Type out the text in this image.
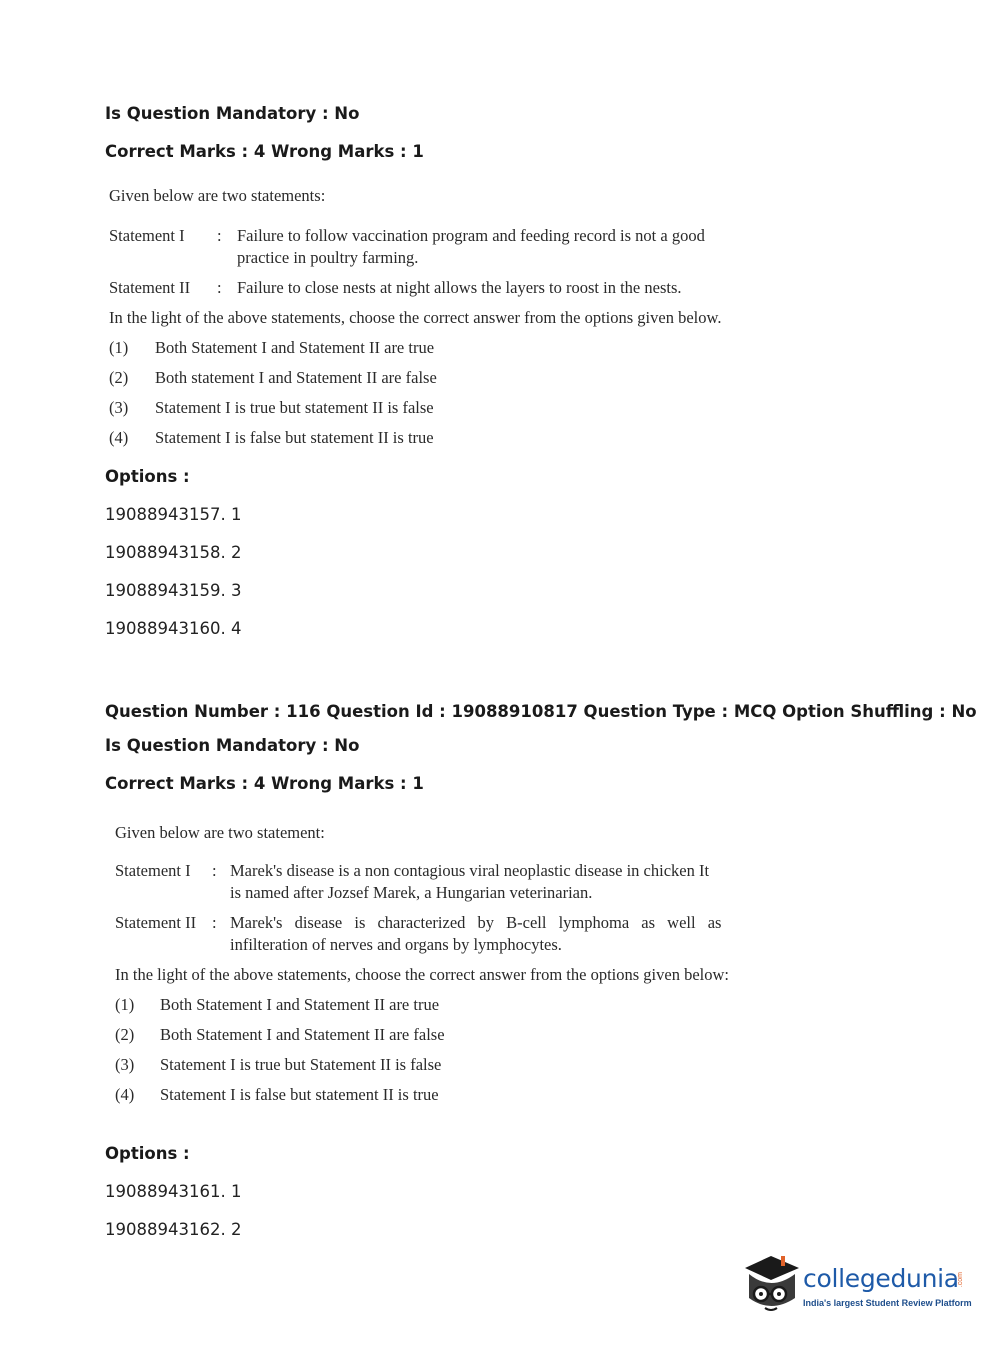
Is Question Mandatory : No
Correct Marks : 4 Wrong Marks : 1
Given below are two statements:
Statement I : Failure to follow vaccination program and feeding record is not a good
practice in poultry farming.
Statement II : Failure to close nests at night allows the layers to roost in the nests.
In the light of the above statements, choose the correct answer from the options given below.
(1) Both Statement I and Statement II are true
(2) Both statement I and Statement II are false
(3) Statement I is true but statement II is false
(4) Statement I is false but statement II is true
Options :
19088943157. 1
19088943158. 2
19088943159. 3
19088943160. 4
Question Number : 116 Question Id : 19088910817 Question Type : MCQ Option Shuffling : No
Is Question Mandatory : No
Correct Marks : 4 Wrong Marks : 1
Given below are two statement:
Statement I : Marek's disease is a non contagious viral neoplastic disease in chicken It
is named after Jozsef Marek, a Hungarian veterinarian.
Statement II : Marek's disease is characterized by B-cell lymphoma as well as
infilteration of nerves and organs by lymphocytes.
In the light of the above statements, choose the correct answer from the options given below:
(1) Both Statement I and Statement II are true
(2) Both Statement I and Statement II are false
(3) Statement I is true but Statement II is false
(4) Statement I is false but statement II is true
Options :
19088943161. 1
19088943162. 2
collegedunia
.com
India's largest Student Review Platform
